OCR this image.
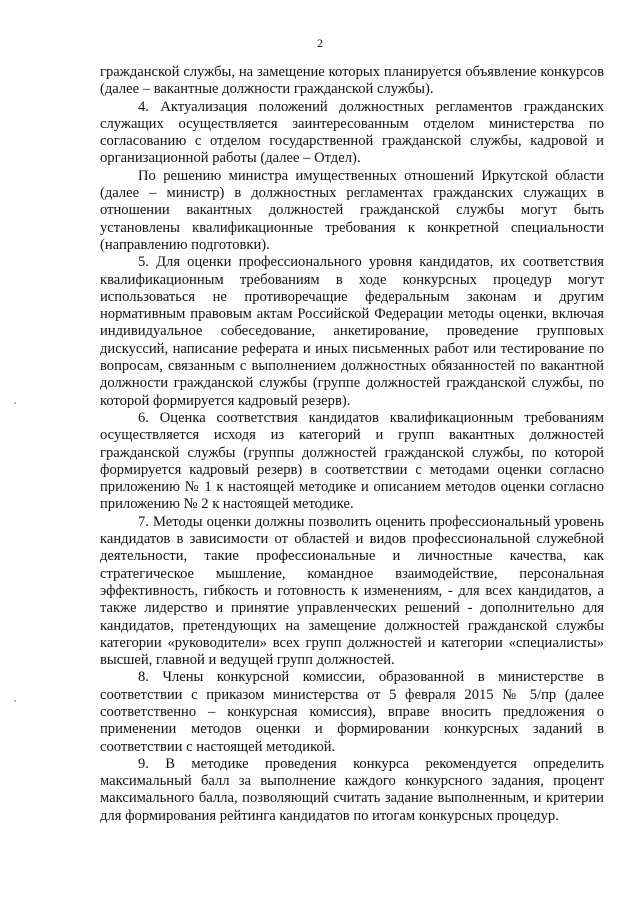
2

гражданской службы, на замещение которых планируется объявление конкурсов (далее – вакантные должности гражданской службы).

4. Актуализация положений должностных регламентов гражданских служащих осуществляется заинтересованным отделом министерства по согласованию с отделом государственной гражданской службы, кадровой и организационной работы (далее – Отдел).

По решению министра имущественных отношений Иркутской области (далее – министр) в должностных регламентах гражданских служащих в отношении вакантных должностей гражданской службы могут быть установлены квалификационные требования к конкретной специальности (направлению подготовки).

5. Для оценки профессионального уровня кандидатов, их соответствия квалификационным требованиям в ходе конкурсных процедур могут использоваться не противоречащие федеральным законам и другим нормативным правовым актам Российской Федерации методы оценки, включая индивидуальное собеседование, анкетирование, проведение групповых дискуссий, написание реферата и иных письменных работ или тестирование по вопросам, связанным с выполнением должностных обязанностей по вакантной должности гражданской службы (группе должностей гражданской службы, по которой формируется кадровый резерв).

6. Оценка соответствия кандидатов квалификационным требованиям осуществляется исходя из категорий и групп вакантных должностей гражданской службы (группы должностей гражданской службы, по которой формируется кадровый резерв) в соответствии с методами оценки согласно приложению № 1 к настоящей методике и описанием методов оценки согласно приложению № 2 к настоящей методике.

7. Методы оценки должны позволить оценить профессиональный уровень кандидатов в зависимости от областей и видов профессиональной служебной деятельности, такие профессиональные и личностные качества, как стратегическое мышление, командное взаимодействие, персональная эффективность, гибкость и готовность к изменениям, - для всех кандидатов, а также лидерство и принятие управленческих решений - дополнительно для кандидатов, претендующих на замещение должностей гражданской службы категории «руководители» всех групп должностей и категории «специалисты» высшей, главной и ведущей групп должностей.

8. Члены конкурсной комиссии, образованной в министерстве в соответствии с приказом министерства от 5 февраля 2015 № 5/пр (далее соответственно – конкурсная комиссия), вправе вносить предложения о применении методов оценки и формировании конкурсных заданий в соответствии с настоящей методикой.

9. В методике проведения конкурса рекомендуется определить максимальный балл за выполнение каждого конкурсного задания, процент максимального балла, позволяющий считать задание выполненным, и критерии для формирования рейтинга кандидатов по итогам конкурсных процедур.
